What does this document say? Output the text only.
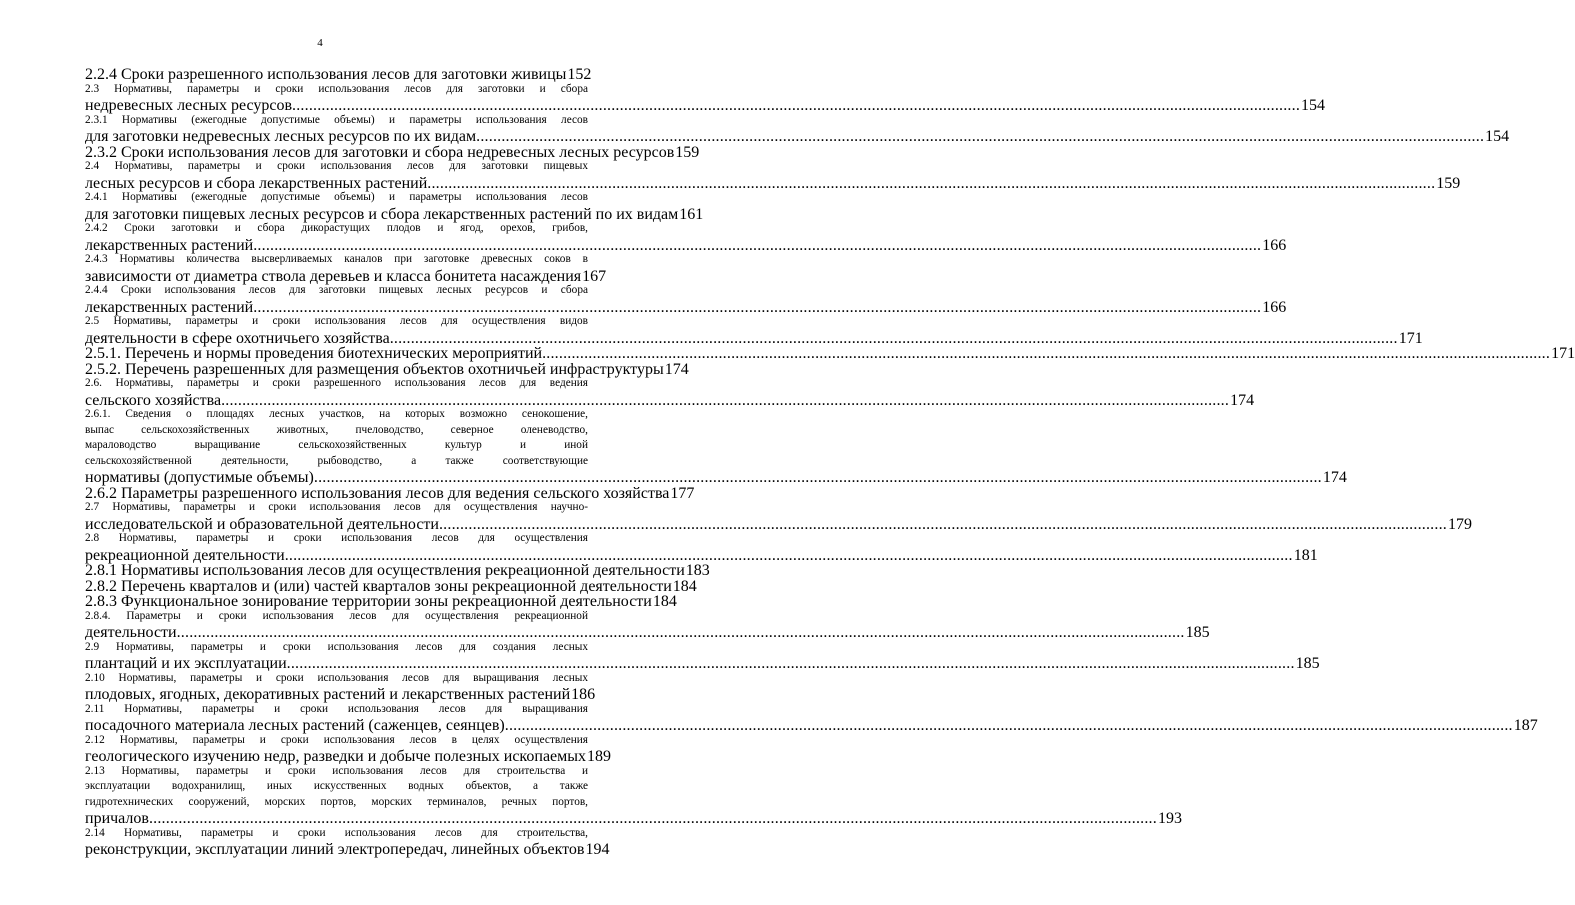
4
2.2.4 Сроки разрешенного использования лесов для заготовки живицы 152
2.3 Нормативы, параметры и сроки использования лесов для заготовки и сбора
недревесных лесных ресурсов .....	154
2.3.1 Нормативы (ежегодные допустимые объемы) и параметры использования лесов
для заготовки недревесных лесных ресурсов по их видам .....	154
2.3.2 Сроки использования лесов для заготовки и сбора недревесных лесных ресурсов 159
2.4 Нормативы, параметры и сроки использования лесов для заготовки пищевых
лесных ресурсов и сбора лекарственных растений .....	159
2.4.1 Нормативы (ежегодные допустимые объемы) и параметры использования лесов
для заготовки пищевых лесных ресурсов и сбора лекарственных растений по их видам 161
2.4.2 Сроки заготовки и сбора дикорастущих плодов и ягод, орехов, грибов,
лекарственных растений .....	166
2.4.3 Нормативы количества высверливаемых каналов при заготовке древесных соков в
зависимости от диаметра ствола деревьев и класса бонитета насаждения 167
2.4.4 Сроки использования лесов для заготовки пищевых лесных ресурсов и сбора
лекарственных растений .....	166
2.5 Нормативы, параметры и сроки использования лесов для осуществления видов
деятельности в сфере охотничьего хозяйства .....	171
2.5.1. Перечень и нормы проведения биотехнических мероприятий .....	171
2.5.2. Перечень разрешенных для размещения объектов охотничьей инфраструктуры 174
2.6. Нормативы, параметры и сроки разрешенного использования лесов для ведения
сельского хозяйства .....	174
2.6.1. Сведения о площадях лесных участков, на которых возможно сенокошение,
выпас сельскохозяйственных животных, пчеловодство, северное оленеводство,
мараловодство выращивание сельскохозяйственных культур и иной
сельскохозяйственной деятельности, рыбоводство, а также соответствующие
нормативы (допустимые объемы) .....	174
2.6.2 Параметры разрешенного использования лесов для ведения сельского хозяйства 177
2.7 Нормативы, параметры и сроки использования лесов для осуществления научно-
исследовательской и образовательной деятельности .....	179
2.8 Нормативы, параметры и сроки использования лесов для осуществления
рекреационной деятельности .....	181
2.8.1 Нормативы использования лесов для осуществления рекреационной деятельности 183
2.8.2 Перечень кварталов и (или) частей кварталов зоны рекреационной деятельности 184
2.8.3 Функциональное зонирование территории зоны рекреационной деятельности 184
2.8.4. Параметры и сроки использования лесов для осуществления рекреационной
деятельности .....	185
2.9 Нормативы, параметры и сроки использования лесов для создания лесных
плантаций и их эксплуатации .....	185
2.10 Нормативы, параметры и сроки использования лесов для выращивания лесных
плодовых, ягодных, декоративных растений и лекарственных растений 186
2.11 Нормативы, параметры и сроки использования лесов для выращивания
посадочного материала лесных растений (саженцев, сеянцев) .....	187
2.12 Нормативы, параметры и сроки использования лесов в целях осуществления
геологического изучению недр, разведки и добыче полезных ископаемых 189
2.13 Нормативы, параметры и сроки использования лесов для строительства и
эксплуатации водохранилищ, иных искусственных водных объектов, а также
гидротехнических сооружений, морских портов, морских терминалов, речных портов,
причалов .....	193
2.14 Нормативы, параметры и сроки использования лесов для строительства,
реконструкции, эксплуатации линий электропередач, линейных объектов 194
